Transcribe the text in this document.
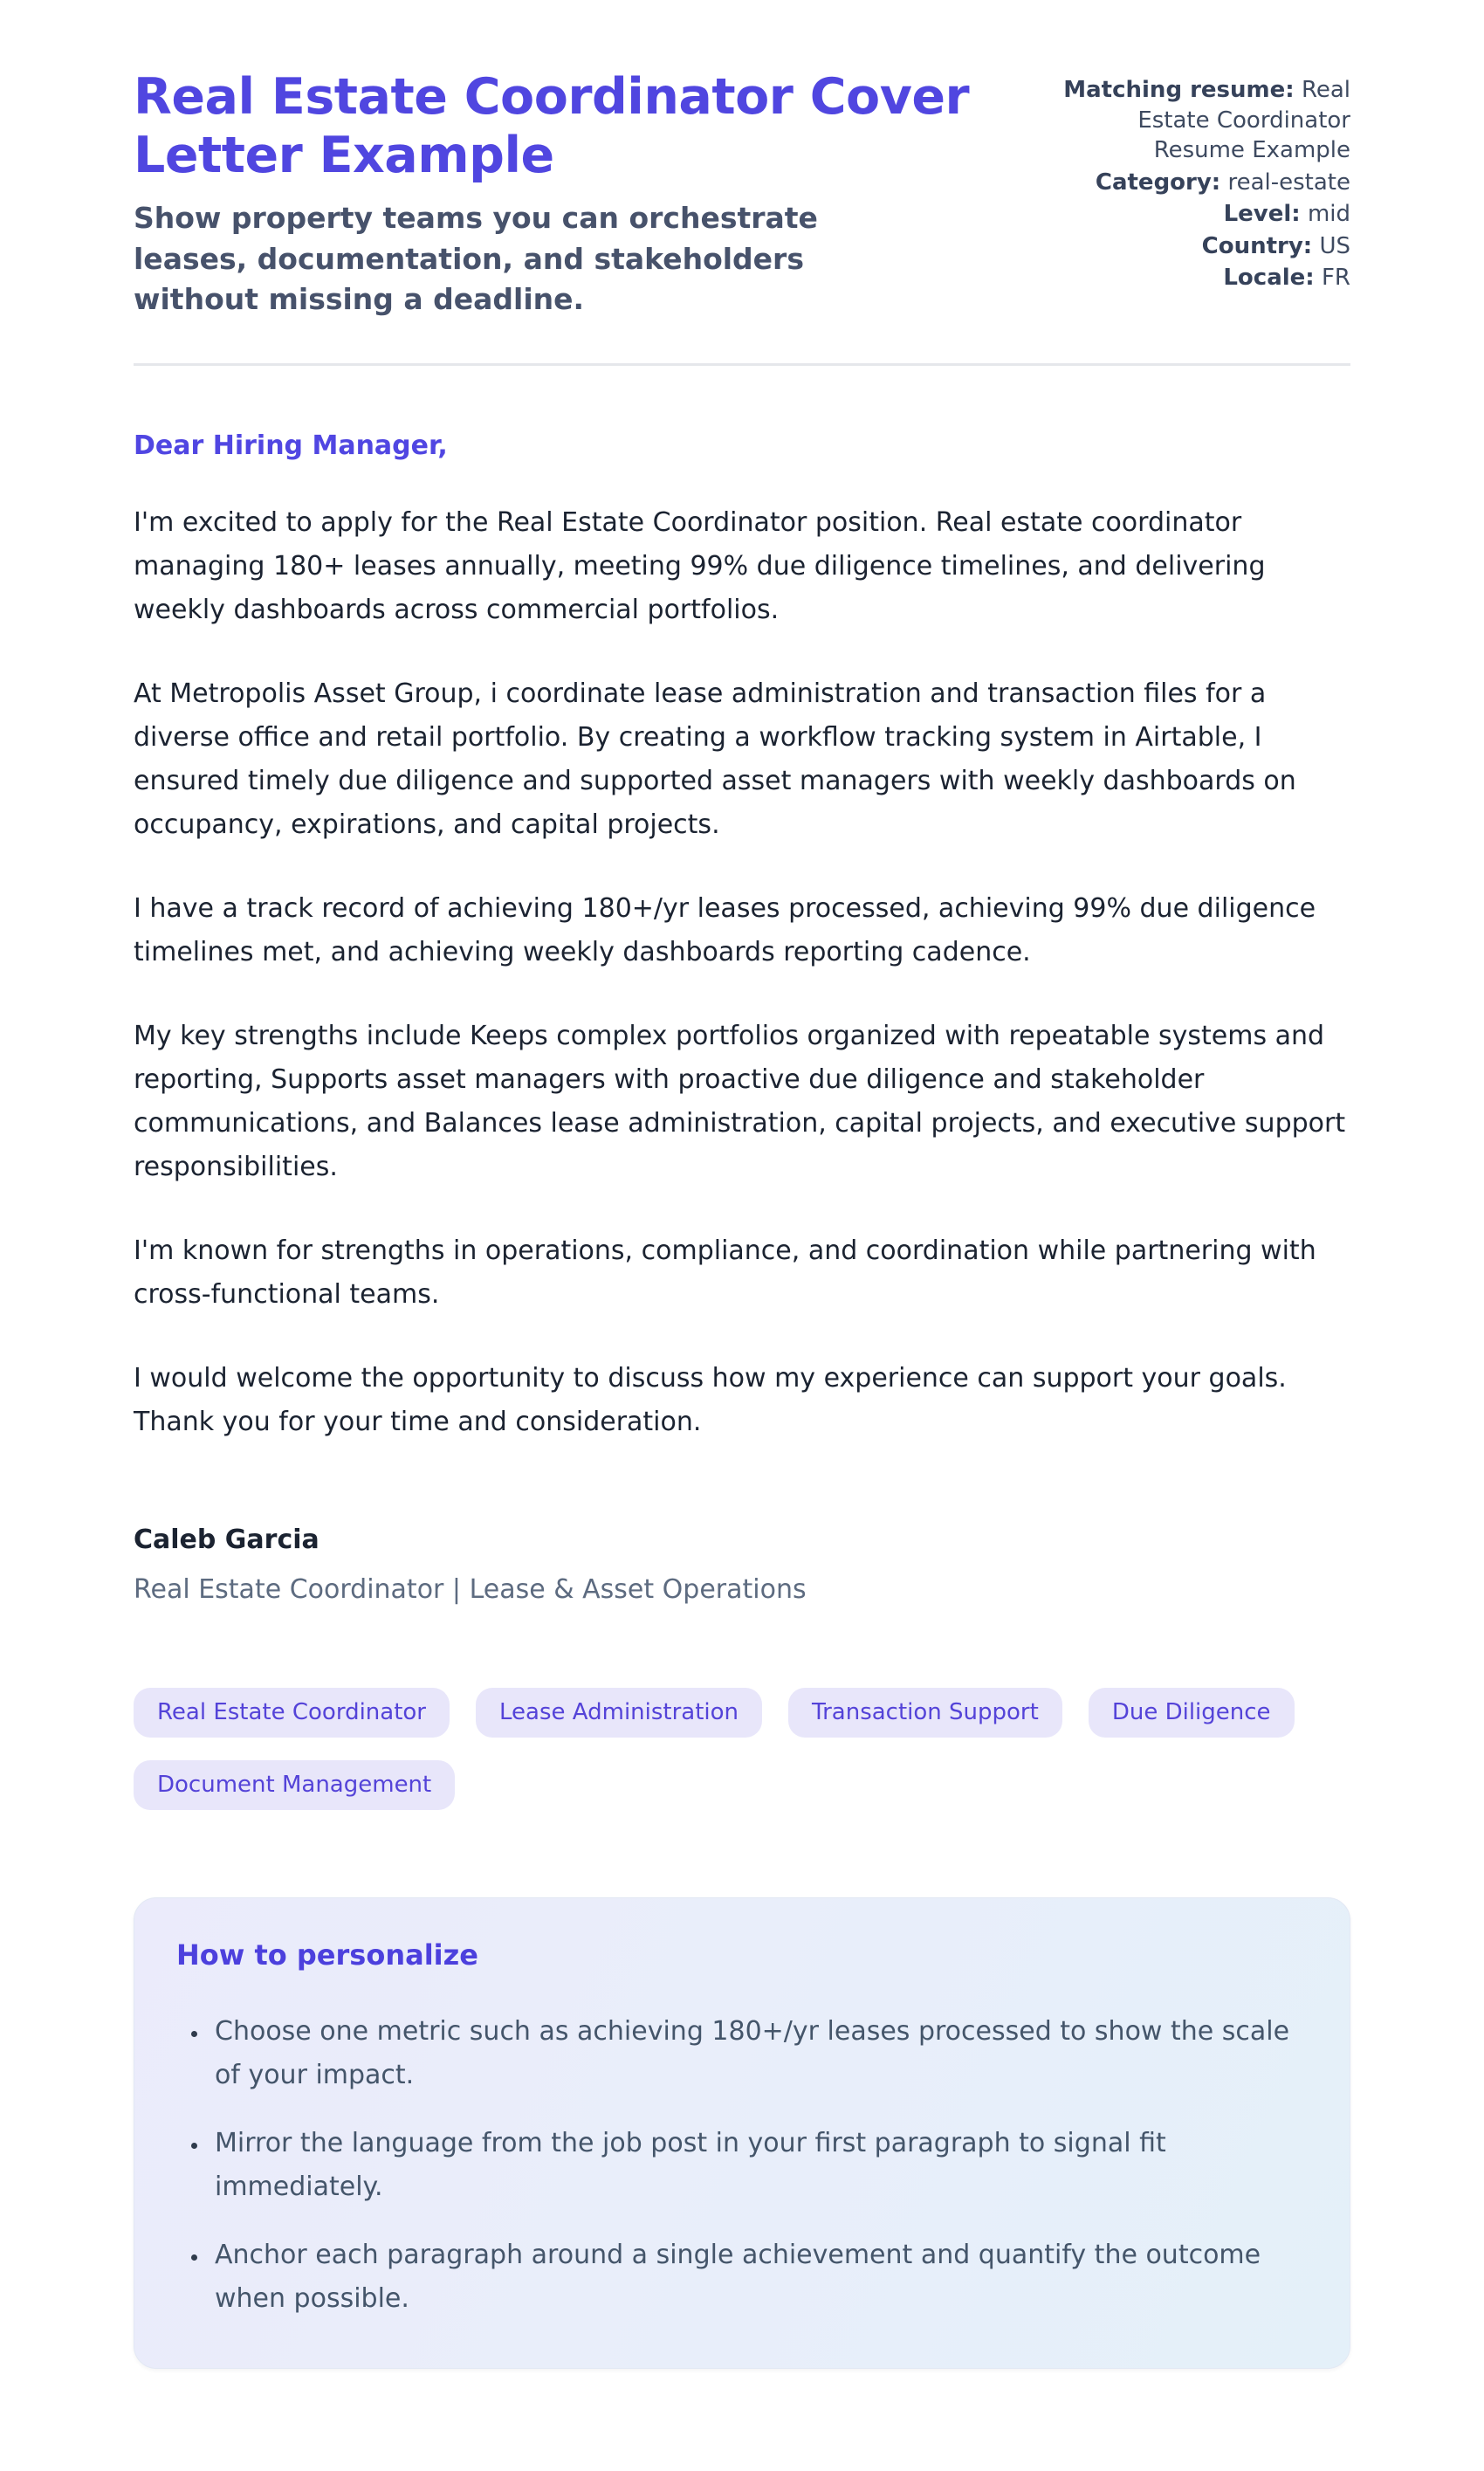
Real Estate Coordinator Cover Letter Example

Show property teams you can orchestrate leases, documentation, and stakeholders without missing a deadline.

Matching resume: Real Estate Coordinator Resume Example
Category: real-estate
Level: mid
Country: US
Locale: FR

Dear Hiring Manager,

I'm excited to apply for the Real Estate Coordinator position. Real estate coordinator managing 180+ leases annually, meeting 99% due diligence timelines, and delivering weekly dashboards across commercial portfolios.

At Metropolis Asset Group, i coordinate lease administration and transaction files for a diverse office and retail portfolio. By creating a workflow tracking system in Airtable, I ensured timely due diligence and supported asset managers with weekly dashboards on occupancy, expirations, and capital projects.

I have a track record of achieving 180+/yr leases processed, achieving 99% due diligence timelines met, and achieving weekly dashboards reporting cadence.

My key strengths include Keeps complex portfolios organized with repeatable systems and reporting, Supports asset managers with proactive due diligence and stakeholder communications, and Balances lease administration, capital projects, and executive support responsibilities.

I'm known for strengths in operations, compliance, and coordination while partnering with cross-functional teams.

I would welcome the opportunity to discuss how my experience can support your goals. Thank you for your time and consideration.

Caleb Garcia

Real Estate Coordinator | Lease & Asset Operations

Real Estate Coordinator	Lease Administration	Transaction Support	Due Diligence
Document Management
How to personalize
• Choose one metric such as achieving 180+/yr leases processed to show the scale of your impact.
• Mirror the language from the job post in your first paragraph to signal fit immediately.
• Anchor each paragraph around a single achievement and quantify the outcome when possible.
